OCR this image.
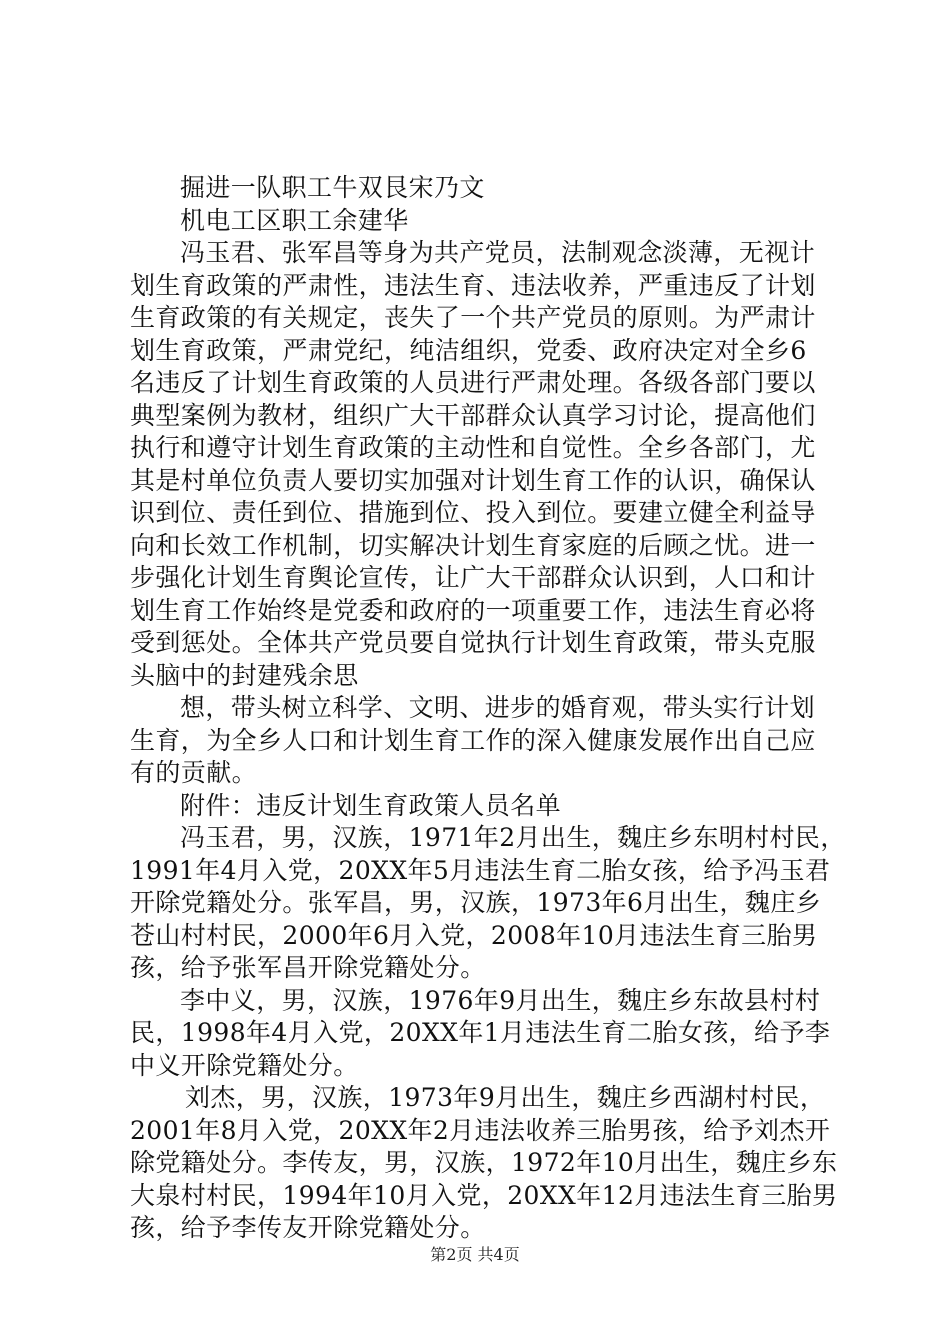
掘进一队职工牛双艮宋乃文
机电工区职工余建华
冯玉君、张军昌等身为共产党员，法制观念淡薄，无视计
划生育政策的严肃性，违法生育、违法收养，严重违反了计划
生育政策的有关规定，丧失了一个共产党员的原则。为严肃计
划生育政策，严肃党纪，纯洁组织，党委、政府决定对全乡6
名违反了计划生育政策的人员进行严肃处理。各级各部门要以
典型案例为教材，组织广大干部群众认真学习讨论，提高他们
执行和遵守计划生育政策的主动性和自觉性。全乡各部门，尤
其是村单位负责人要切实加强对计划生育工作的认识，确保认
识到位、责任到位、措施到位、投入到位。要建立健全利益导
向和长效工作机制，切实解决计划生育家庭的后顾之忧。进一
步强化计划生育舆论宣传，让广大干部群众认识到，人口和计
划生育工作始终是党委和政府的一项重要工作，违法生育必将
受到惩处。全体共产党员要自觉执行计划生育政策，带头克服
头脑中的封建残余思
想，带头树立科学、文明、进步的婚育观，带头实行计划
生育，为全乡人口和计划生育工作的深入健康发展作出自己应
有的贡献。
附件：违反计划生育政策人员名单
冯玉君，男，汉族，1971年2月出生，魏庄乡东明村村民，
1991年4月入党，20XX年5月违法生育二胎女孩，给予冯玉君
开除党籍处分。张军昌，男，汉族，1973年6月出生，魏庄乡
苍山村村民，2000年6月入党，2008年10月违法生育三胎男
孩，给予张军昌开除党籍处分。
李中义，男，汉族，1976年9月出生，魏庄乡东故县村村
民，1998年4月入党，20XX年1月违法生育二胎女孩，给予李
中义开除党籍处分。
刘杰，男，汉族，1973年9月出生，魏庄乡西湖村村民，
2001年8月入党，20XX年2月违法收养三胎男孩，给予刘杰开
除党籍处分。李传友，男，汉族，1972年10月出生，魏庄乡东
大泉村村民，1994年10月入党，20XX年12月违法生育三胎男
孩，给予李传友开除党籍处分。
第2页 共4页
